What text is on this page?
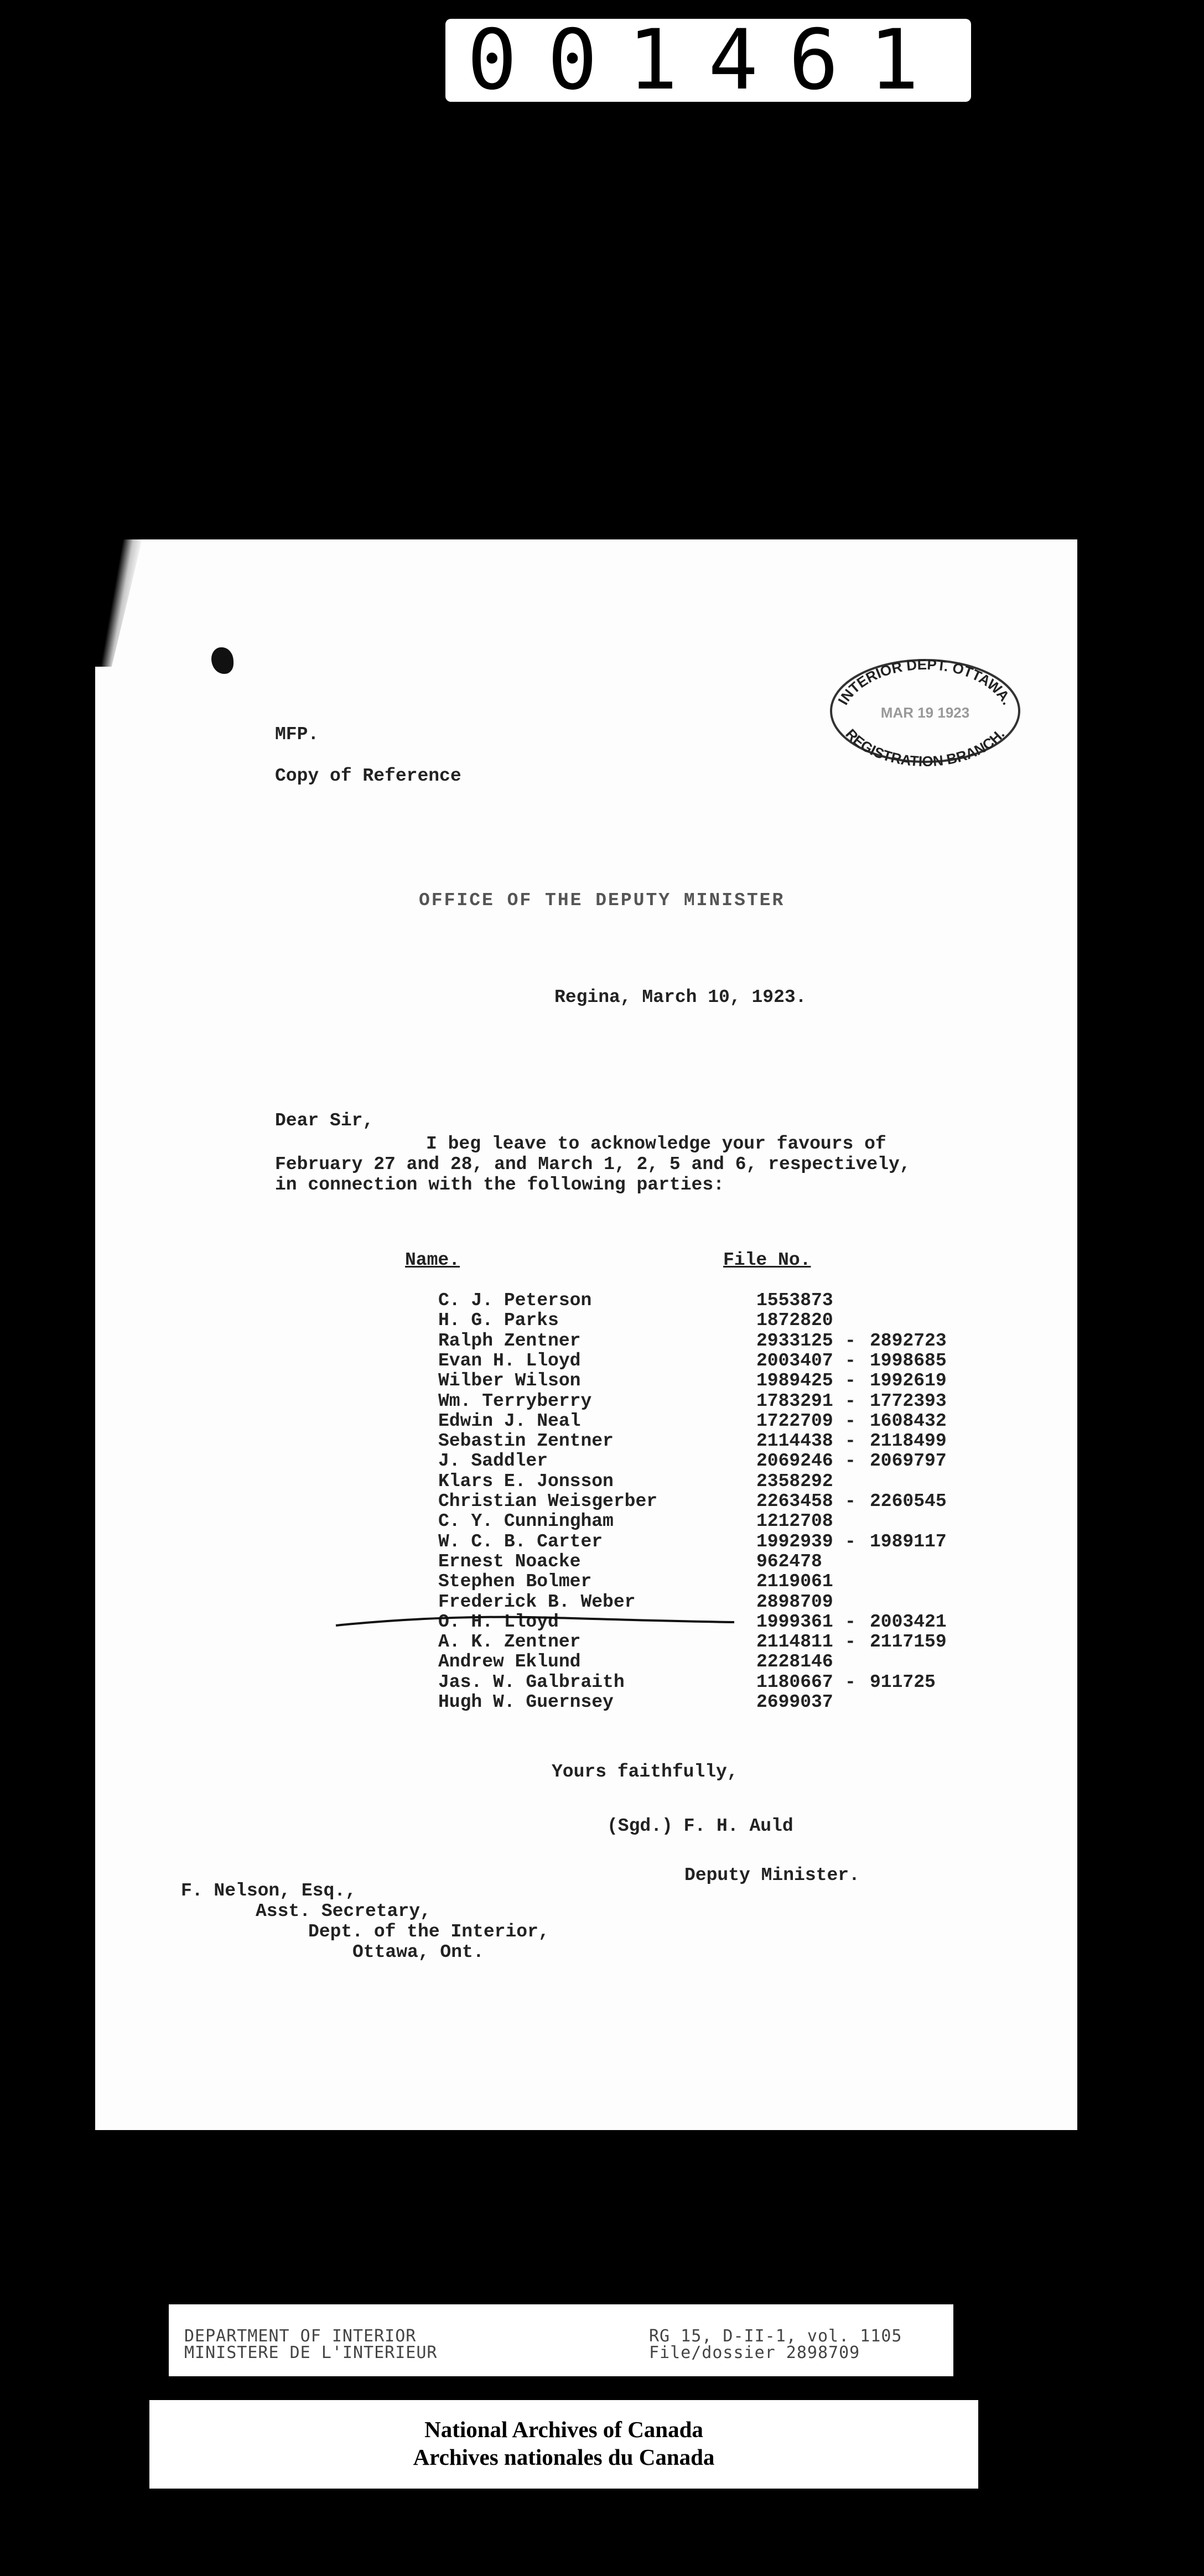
001461
INTERIOR DEPT. OTTAWA.
MAR 19 1923
REGISTRATION BRANCH.
MFP.
Copy of Reference
OFFICE OF THE DEPUTY MINISTER
Regina, March 10, 1923.
Dear Sir,
I beg leave to acknowledge your favours of
February 27 and 28, and March 1, 2, 5 and 6, respectively,
in connection with the following parties:
Name.	File No.
C. J. Peterson	1553873
H. G. Parks	1872820
Ralph Zentner	2933125 - 2892723
Evan H. Lloyd	2003407 - 1998685
Wilber Wilson	1989425 - 1992619
Wm. Terryberry	1783291 - 1772393
Edwin J. Neal	1722709 - 1608432
Sebastin Zentner	2114438 - 2118499
J. Saddler	2069246 - 2069797
Klars E. Jonsson	2358292
Christian Weisgerber	2263458 - 2260545
C. Y. Cunningham	1212708
W. C. B. Carter	1992939 - 1989117
Ernest Noacke	962478
Stephen Bolmer	2119061
Frederick B. Weber	2898709
O. H. Lloyd	1999361 - 2003421
A. K. Zentner	2114811 - 2117159
Andrew Eklund	2228146
Jas. W. Galbraith	1180667 - 911725
Hugh W. Guernsey	2699037
Yours faithfully,
(Sgd.) F. H. Auld
Deputy Minister.
F. Nelson, Esq.,
Asst. Secretary,
Dept. of the Interior,
Ottawa, Ont.
DEPARTMENT OF INTERIOR
MINISTERE DE L'INTERIEUR
RG 15, D-II-1, vol. 1105
File/dossier 2898709
National Archives of Canada
Archives nationales du Canada
